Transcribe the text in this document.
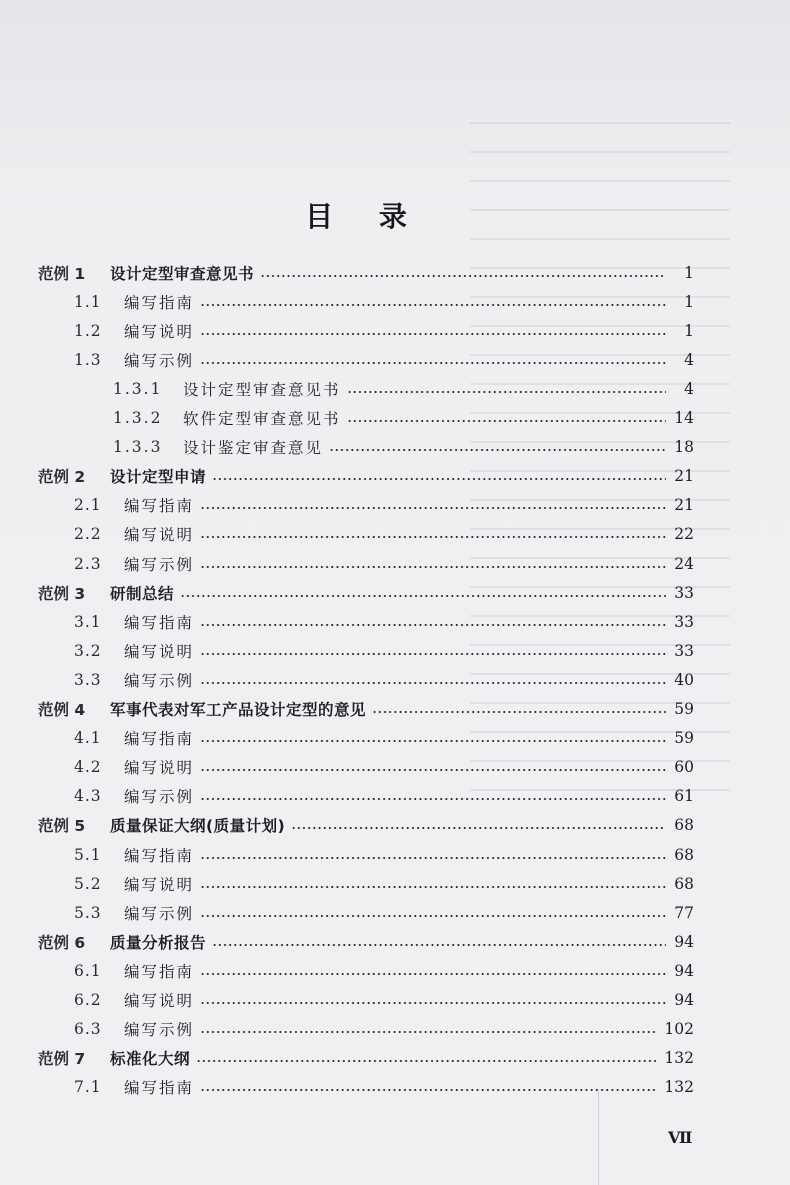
目 录
范例 1	设计定型审查意见书	1
1.1	编写指南	1
1.2	编写说明	1
1.3	编写示例	4
1.3.1	设计定型审查意见书	4
1.3.2	软件定型审查意见书	14
1.3.3	设计鉴定审查意见	18
范例 2	设计定型申请	21
2.1	编写指南	21
2.2	编写说明	22
2.3	编写示例	24
范例 3	研制总结	33
3.1	编写指南	33
3.2	编写说明	33
3.3	编写示例	40
范例 4	军事代表对军工产品设计定型的意见	59
4.1	编写指南	59
4.2	编写说明	60
4.3	编写示例	61
范例 5	质量保证大纲(质量计划)	68
5.1	编写指南	68
5.2	编写说明	68
5.3	编写示例	77
范例 6	质量分析报告	94
6.1	编写指南	94
6.2	编写说明	94
6.3	编写示例	102
范例 7	标准化大纲	132
7.1	编写指南	132
Ⅶ
